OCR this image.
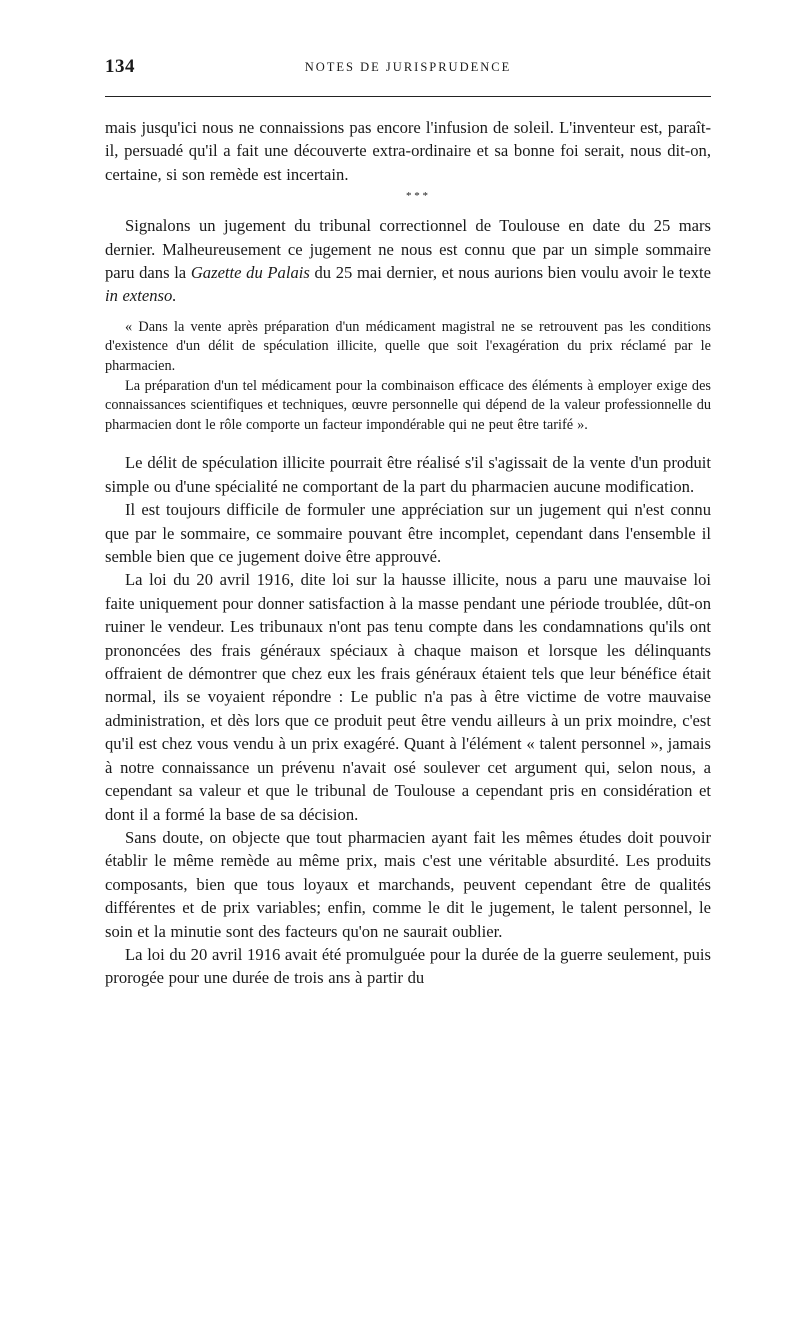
134	NOTES DE JURISPRUDENCE

mais jusqu'ici nous ne connaissions pas encore l'infusion de soleil. L'inventeur est, paraît-il, persuadé qu'il a fait une découverte extra-ordinaire et sa bonne foi serait, nous dit-on, certaine, si son remède est incertain.

* * *

Signalons un jugement du tribunal correctionnel de Toulouse en date du 25 mars dernier. Malheureusement ce jugement ne nous est connu que par un simple sommaire paru dans la Gazette du Palais du 25 mai dernier, et nous aurions bien voulu avoir le texte in extenso.

« Dans la vente après préparation d'un médicament magistral ne se retrouvent pas les conditions d'existence d'un délit de spéculation illicite, quelle que soit l'exagération du prix réclamé par le pharmacien.

La préparation d'un tel médicament pour la combinaison efficace des éléments à employer exige des connaissances scientifiques et techniques, œuvre personnelle qui dépend de la valeur professionnelle du pharmacien dont le rôle comporte un facteur impondérable qui ne peut être tarifé ».

Le délit de spéculation illicite pourrait être réalisé s'il s'agissait de la vente d'un produit simple ou d'une spécialité ne comportant de la part du pharmacien aucune modification.

Il est toujours difficile de formuler une appréciation sur un jugement qui n'est connu que par le sommaire, ce sommaire pouvant être incomplet, cependant dans l'ensemble il semble bien que ce jugement doive être approuvé.

La loi du 20 avril 1916, dite loi sur la hausse illicite, nous a paru une mauvaise loi faite uniquement pour donner satisfaction à la masse pendant une période troublée, dût-on ruiner le vendeur. Les tribunaux n'ont pas tenu compte dans les condamnations qu'ils ont prononcées des frais généraux spéciaux à chaque maison et lorsque les délinquants offraient de démontrer que chez eux les frais généraux étaient tels que leur bénéfice était normal, ils se voyaient répondre : Le public n'a pas à être victime de votre mauvaise administration, et dès lors que ce produit peut être vendu ailleurs à un prix moindre, c'est qu'il est chez vous vendu à un prix exagéré. Quant à l'élément « talent personnel », jamais à notre connaissance un prévenu n'avait osé soulever cet argument qui, selon nous, a cependant sa valeur et que le tribunal de Toulouse a cependant pris en considération et dont il a formé la base de sa décision.

Sans doute, on objecte que tout pharmacien ayant fait les mêmes études doit pouvoir établir le même remède au même prix, mais c'est une véritable absurdité. Les produits composants, bien que tous loyaux et marchands, peuvent cependant être de qualités différentes et de prix variables; enfin, comme le dit le jugement, le talent personnel, le soin et la minutie sont des facteurs qu'on ne saurait oublier.

La loi du 20 avril 1916 avait été promulguée pour la durée de la guerre seulement, puis prorogée pour une durée de trois ans à partir du
